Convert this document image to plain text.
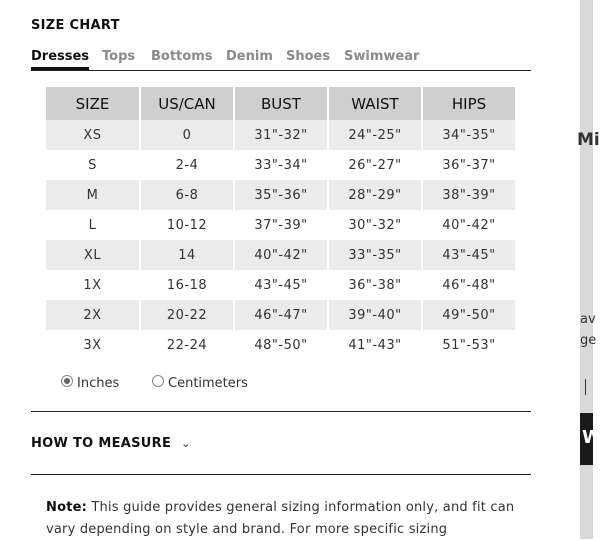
SIZE CHART
Dresses Tops Bottoms Denim Shoes Swimwear
SIZE	US/CAN	BUST	WAIST	HIPS
XS	0	31"-32"	24"-25"	34"-35"
S	2-4	33"-34"	26"-27"	36"-37"
M	6-8	35"-36"	28"-29"	38"-39"
L	10-12	37"-39"	30"-32"	40"-42"
XL	14	40"-42"	33"-35"	43"-45"
1X	16-18	43"-45"	36"-38"	46"-48"
2X	20-22	46"-47"	39"-40"	49"-50"
3X	22-24	48"-50"	41"-43"	51"-53"
Inches	Centimeters
HOW TO MEASURE ⌄
Note: This guide provides general sizing information only, and fit can vary depending on style and brand. For more specific sizing
Mi
av
ge
W
